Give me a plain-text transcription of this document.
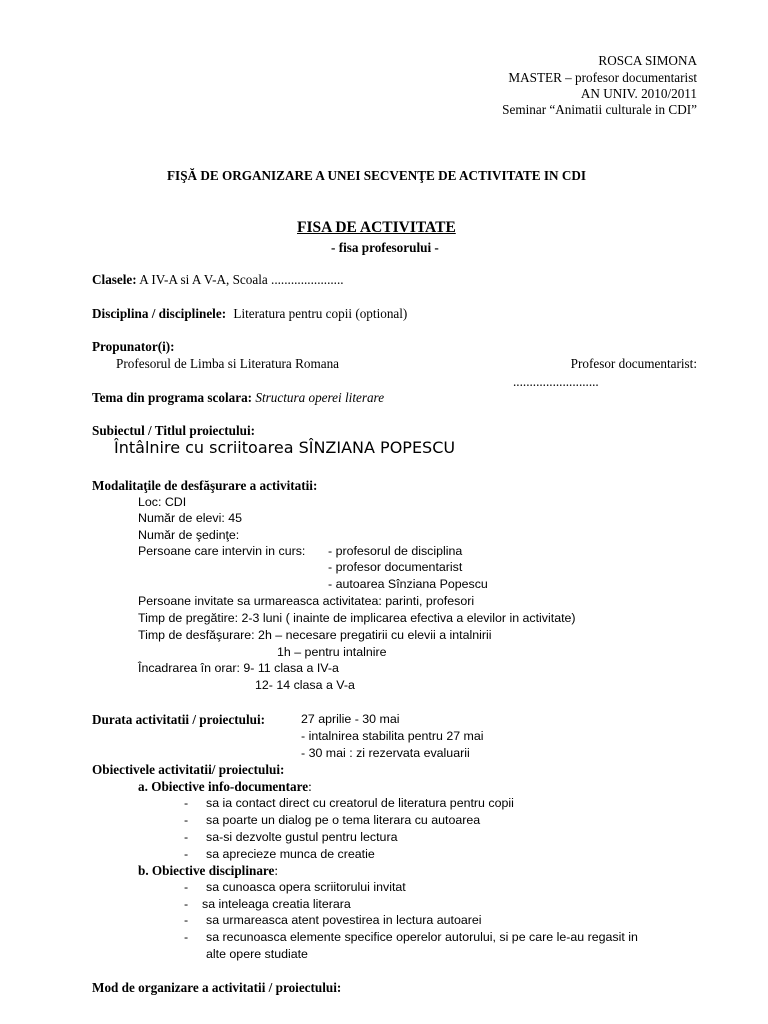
ROSCA SIMONA
MASTER – profesor documentarist
AN UNIV. 2010/2011
Seminar “Animatii culturale in CDI”
FIŞĂ DE ORGANIZARE A UNEI SECVENŢE DE ACTIVITATE IN CDI
FISA DE ACTIVITATE
- fisa profesorului -
Clasele: A IV-A si A V-A, Scoala ......................
Disciplina / disciplinele: Literatura pentru copii (optional)
Propunator(i):
Profesorul de Limba si Literatura Romana	Profesor documentarist:
..........................
Tema din programa scolara: Structura operei literare
Subiectul / Titlul proiectului:
Întâlnire cu scriitoarea SÎNZIANA POPESCU
Modalitaţile de desfăşurare a activitatii:
Loc: CDI
Număr de elevi: 45
Număr de şedinţe:
Persoane care intervin in curs: - profesorul de disciplina
- profesor documentarist
- autoarea Sînziana Popescu
Persoane invitate sa urmareasca activitatea: parinti, profesori
Timp de pregătire: 2-3 luni ( inainte de implicarea efectiva a elevilor in activitate)
Timp de desfăşurare: 2h – necesare pregatirii cu elevii a intalnirii
1h – pentru intalnire
Încadrarea în orar: 9- 11 clasa a IV-a
12- 14 clasa a V-a
Durata activitatii / proiectului:	27 aprilie - 30 mai
- intalnirea stabilita pentru 27 mai
- 30 mai : zi rezervata evaluarii
Obiectivele activitatii/ proiectului:
a. Obiective info-documentare:
- sa ia contact direct cu creatorul de literatura pentru copii
- sa poarte un dialog pe o tema literara cu autoarea
- sa-si dezvolte gustul pentru lectura
- sa aprecieze munca de creatie
b. Obiective disciplinare:
- sa cunoasca opera scriitorului invitat
- sa inteleaga creatia literara
- sa urmareasca atent povestirea in lectura autoarei
- sa recunoasca elemente specifice operelor autorului, si pe care le-au regasit in
alte opere studiate
Mod de organizare a activitatii / proiectului:
